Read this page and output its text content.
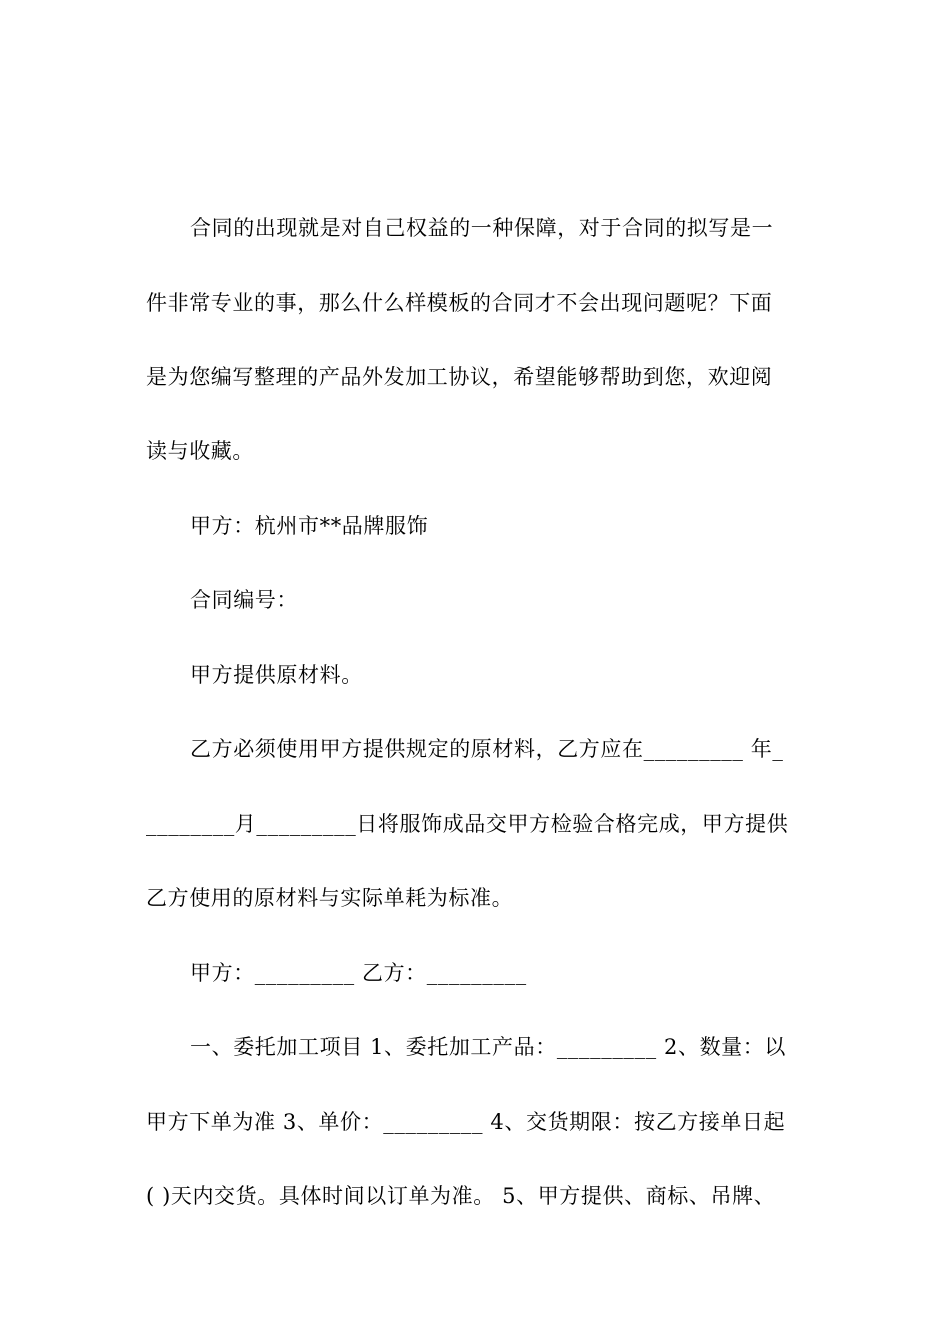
合同的出现就是对自己权益的一种保障，对于合同的拟写是一
件非常专业的事，那么什么样模板的合同才不会出现问题呢？下面
是为您编写整理的产品外发加工协议，希望能够帮助到您，欢迎阅
读与收藏。
甲方：杭州市**品牌服饰
合同编号：
甲方提供原材料。
乙方必须使用甲方提供规定的原材料，乙方应在_________ 年_
________月_________日将服饰成品交甲方检验合格完成，甲方提供
乙方使用的原材料与实际单耗为标准。
甲方：_________ 乙方：_________
一、委托加工项目 1、委托加工产品：_________ 2、数量：以
甲方下单为准 3、单价：_________ 4、交货期限：按乙方接单日起
( )天内交货。具体时间以订单为准。 5、甲方提供、商标、吊牌、
